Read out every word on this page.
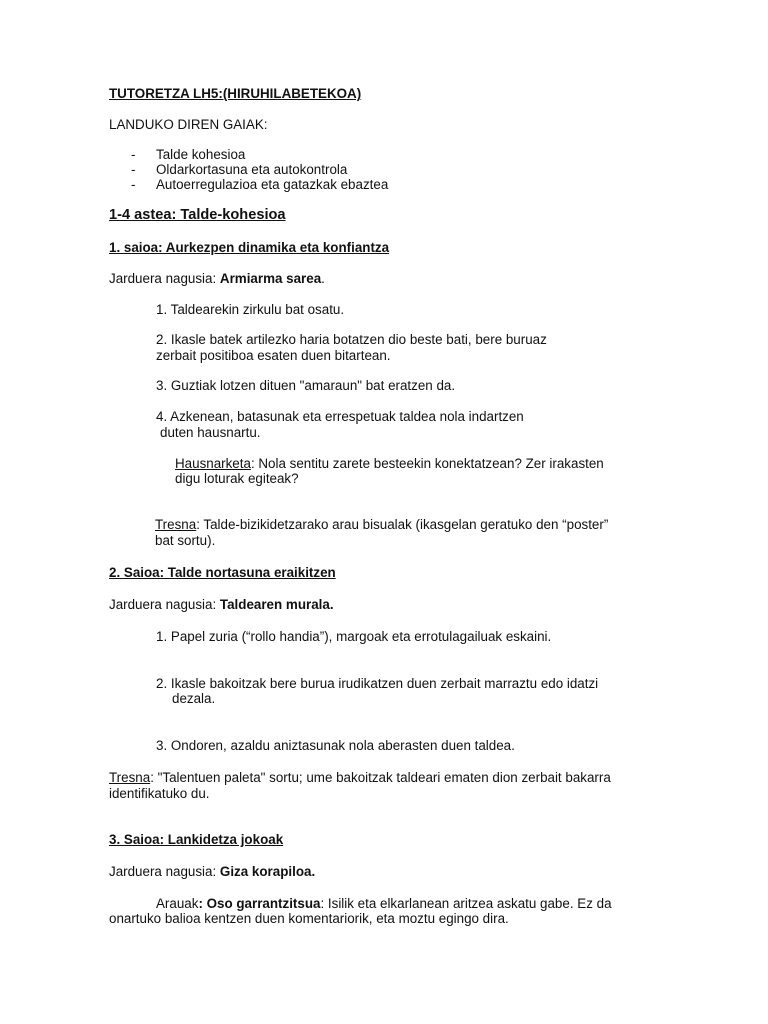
TUTORETZA LH5:(HIRUHILABETEKOA)
LANDUKO DIREN GAIAK:
- Talde kohesioa
- Oldarkortasuna eta autokontrola
- Autoerregulazioa eta gatazkak ebaztea
1-4 astea: Talde-kohesioa
1. saioa: Aurkezpen dinamika eta konfiantza
Jarduera nagusia: Armiarma sarea.
1. Taldearekin zirkulu bat osatu.
2. Ikasle batek artilezko haria botatzen dio beste bati, bere buruaz
zerbait positiboa esaten duen bitartean.
3. Guztiak lotzen dituen "amaraun" bat eratzen da.
4. Azkenean, batasunak eta errespetuak taldea nola indartzen
duten hausnartu.
Hausnarketa: Nola sentitu zarete besteekin konektatzean? Zer irakasten
digu loturak egiteak?
Tresna: Talde-bizikidetzarako arau bisualak (ikasgelan geratuko den “poster”
bat sortu).
2. Saioa: Talde nortasuna eraikitzen
Jarduera nagusia: Taldearen murala.
1. Papel zuria (“rollo handia”), margoak eta errotulagailuak eskaini.
2. Ikasle bakoitzak bere burua irudikatzen duen zerbait marraztu edo idatzi
dezala.
3. Ondoren, azaldu aniztasunak nola aberasten duen taldea.
Tresna: "Talentuen paleta" sortu; ume bakoitzak taldeari ematen dion zerbait bakarra
identifikatuko du.
3. Saioa: Lankidetza jokoak
Jarduera nagusia: Giza korapiloa.
Arauak: Oso garrantzitsua: Isilik eta elkarlanean aritzea askatu gabe. Ez da
onartuko balioa kentzen duen komentariorik, eta moztu egingo dira.
